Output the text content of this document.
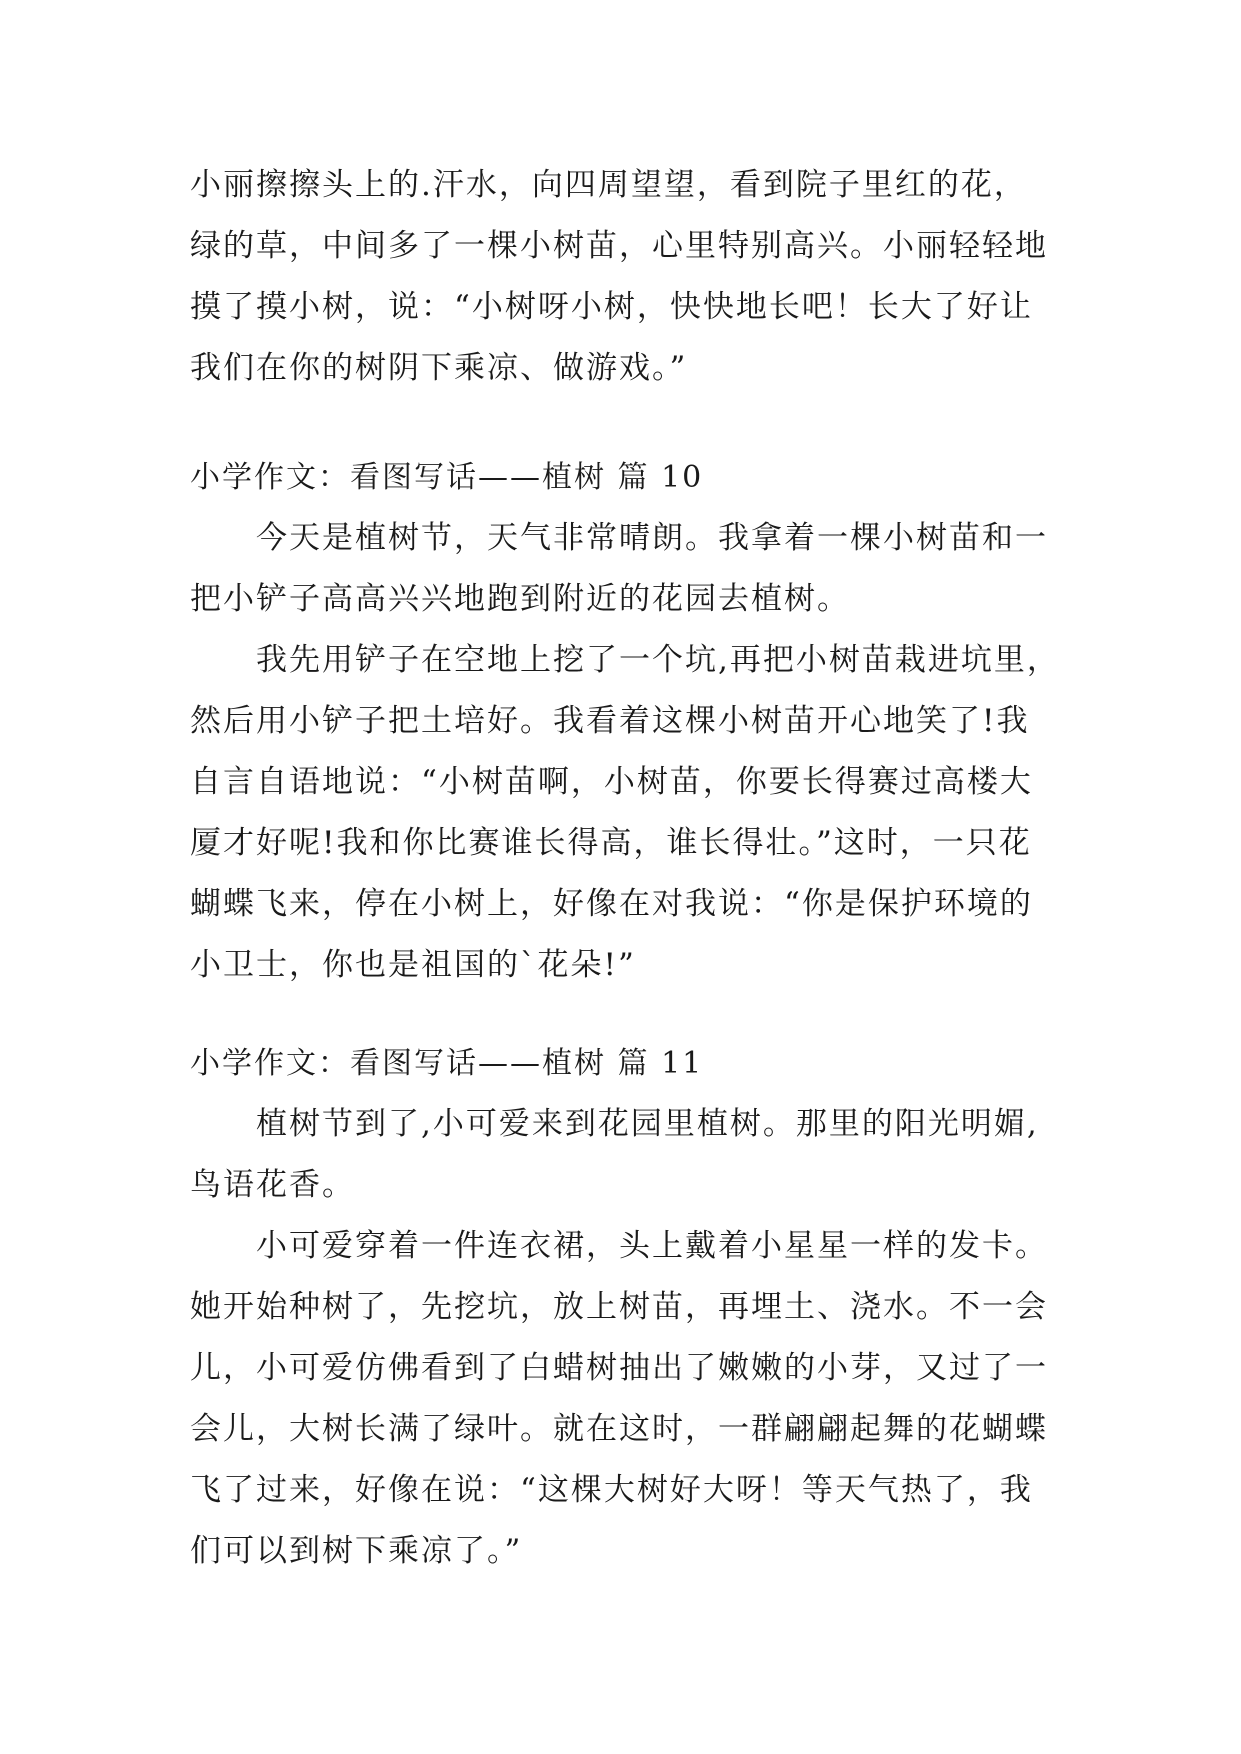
小丽擦擦头上的.汗水，向四周望望，看到院子里红的花，
绿的草，中间多了一棵小树苗，心里特别高兴。小丽轻轻地
摸了摸小树，说：“小树呀小树，快快地长吧！长大了好让
我们在你的树阴下乘凉、做游戏。”
小学作文：看图写话——植树 篇 10
今天是植树节，天气非常晴朗。我拿着一棵小树苗和一
把小铲子高高兴兴地跑到附近的花园去植树。
我先用铲子在空地上挖了一个坑,再把小树苗栽进坑里，
然后用小铲子把土培好。我看着这棵小树苗开心地笑了!我
自言自语地说：“小树苗啊，小树苗，你要长得赛过高楼大
厦才好呢!我和你比赛谁长得高，谁长得壮。”这时，一只花
蝴蝶飞来，停在小树上，好像在对我说：“你是保护环境的
小卫士，你也是祖国的`花朵!”
小学作文：看图写话——植树 篇 11
植树节到了,小可爱来到花园里植树。那里的阳光明媚,
鸟语花香。
小可爱穿着一件连衣裙，头上戴着小星星一样的发卡。
她开始种树了，先挖坑，放上树苗，再埋土、浇水。不一会
儿，小可爱仿佛看到了白蜡树抽出了嫩嫩的小芽，又过了一
会儿，大树长满了绿叶。就在这时，一群翩翩起舞的花蝴蝶
飞了过来，好像在说：“这棵大树好大呀！等天气热了，我
们可以到树下乘凉了。”
